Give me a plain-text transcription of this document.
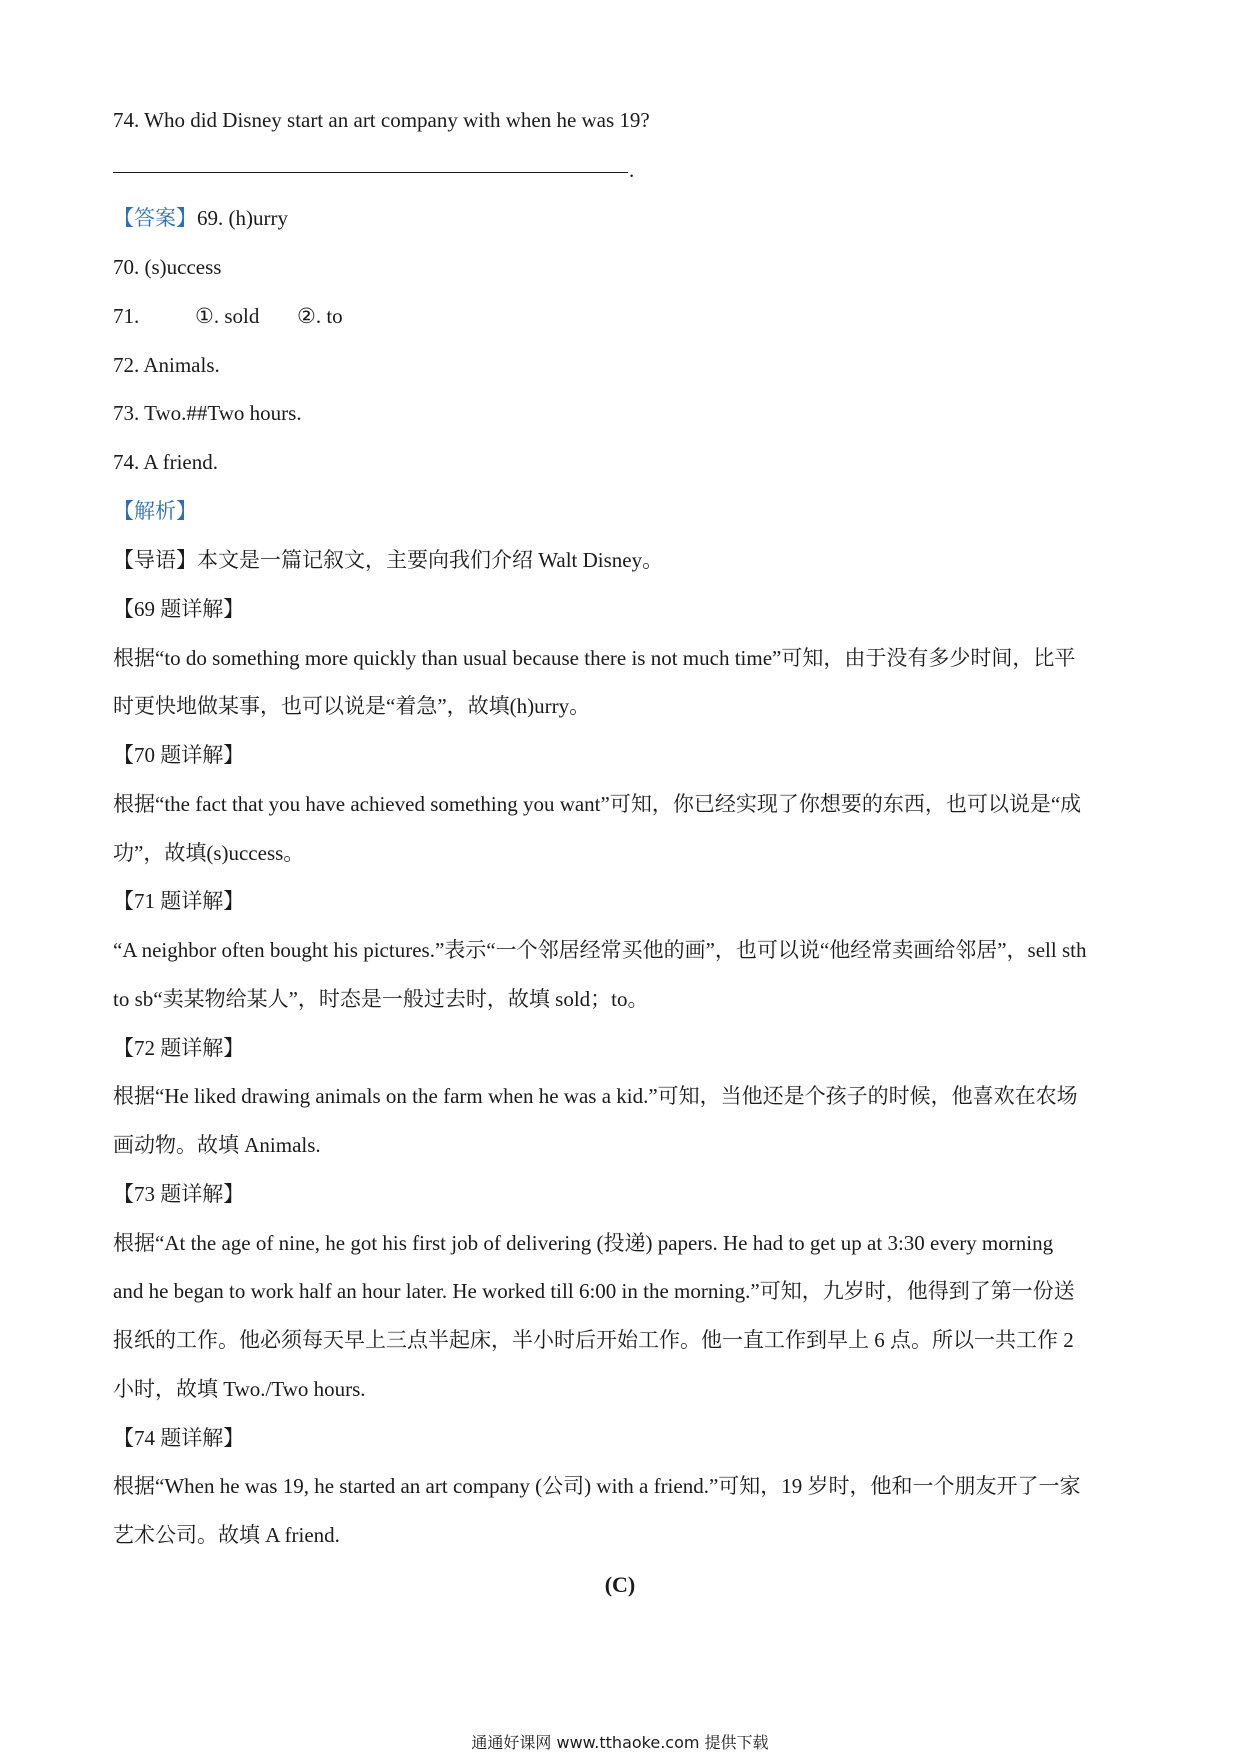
74. Who did Disney start an art company with when he was 19?
.
【答案】69. (h)urry
70. (s)uccess
71.	①. sold ②. to
72. Animals.
73. Two.##Two hours.
74. A friend.
【解析】
【导语】本文是一篇记叙文，主要向我们介绍 Walt Disney。
【69 题详解】
根据“to do something more quickly than usual because there is not much time”可知，由于没有多少时间，比平
时更快地做某事，也可以说是“着急”，故填(h)urry。
【70 题详解】
根据“the fact that you have achieved something you want”可知，你已经实现了你想要的东西，也可以说是“成
功”，故填(s)uccess。
【71 题详解】
“A neighbor often bought his pictures.”表示“一个邻居经常买他的画”，也可以说“他经常卖画给邻居”，sell sth
to sb“卖某物给某人”，时态是一般过去时，故填 sold；to。
【72 题详解】
根据“He liked drawing animals on the farm when he was a kid.”可知，当他还是个孩子的时候，他喜欢在农场
画动物。故填 Animals.
【73 题详解】
根据“At the age of nine, he got his first job of delivering (投递) papers. He had to get up at 3:30 every morning
and he began to work half an hour later. He worked till 6:00 in the morning.”可知，九岁时，他得到了第一份送
报纸的工作。他必须每天早上三点半起床，半小时后开始工作。他一直工作到早上 6 点。所以一共工作 2
小时，故填 Two./Two hours.
【74 题详解】
根据“When he was 19, he started an art company (公司) with a friend.”可知，19 岁时，他和一个朋友开了一家
艺术公司。故填 A friend.
(C)
通通好课网 www.tthaoke.com 提供下载
